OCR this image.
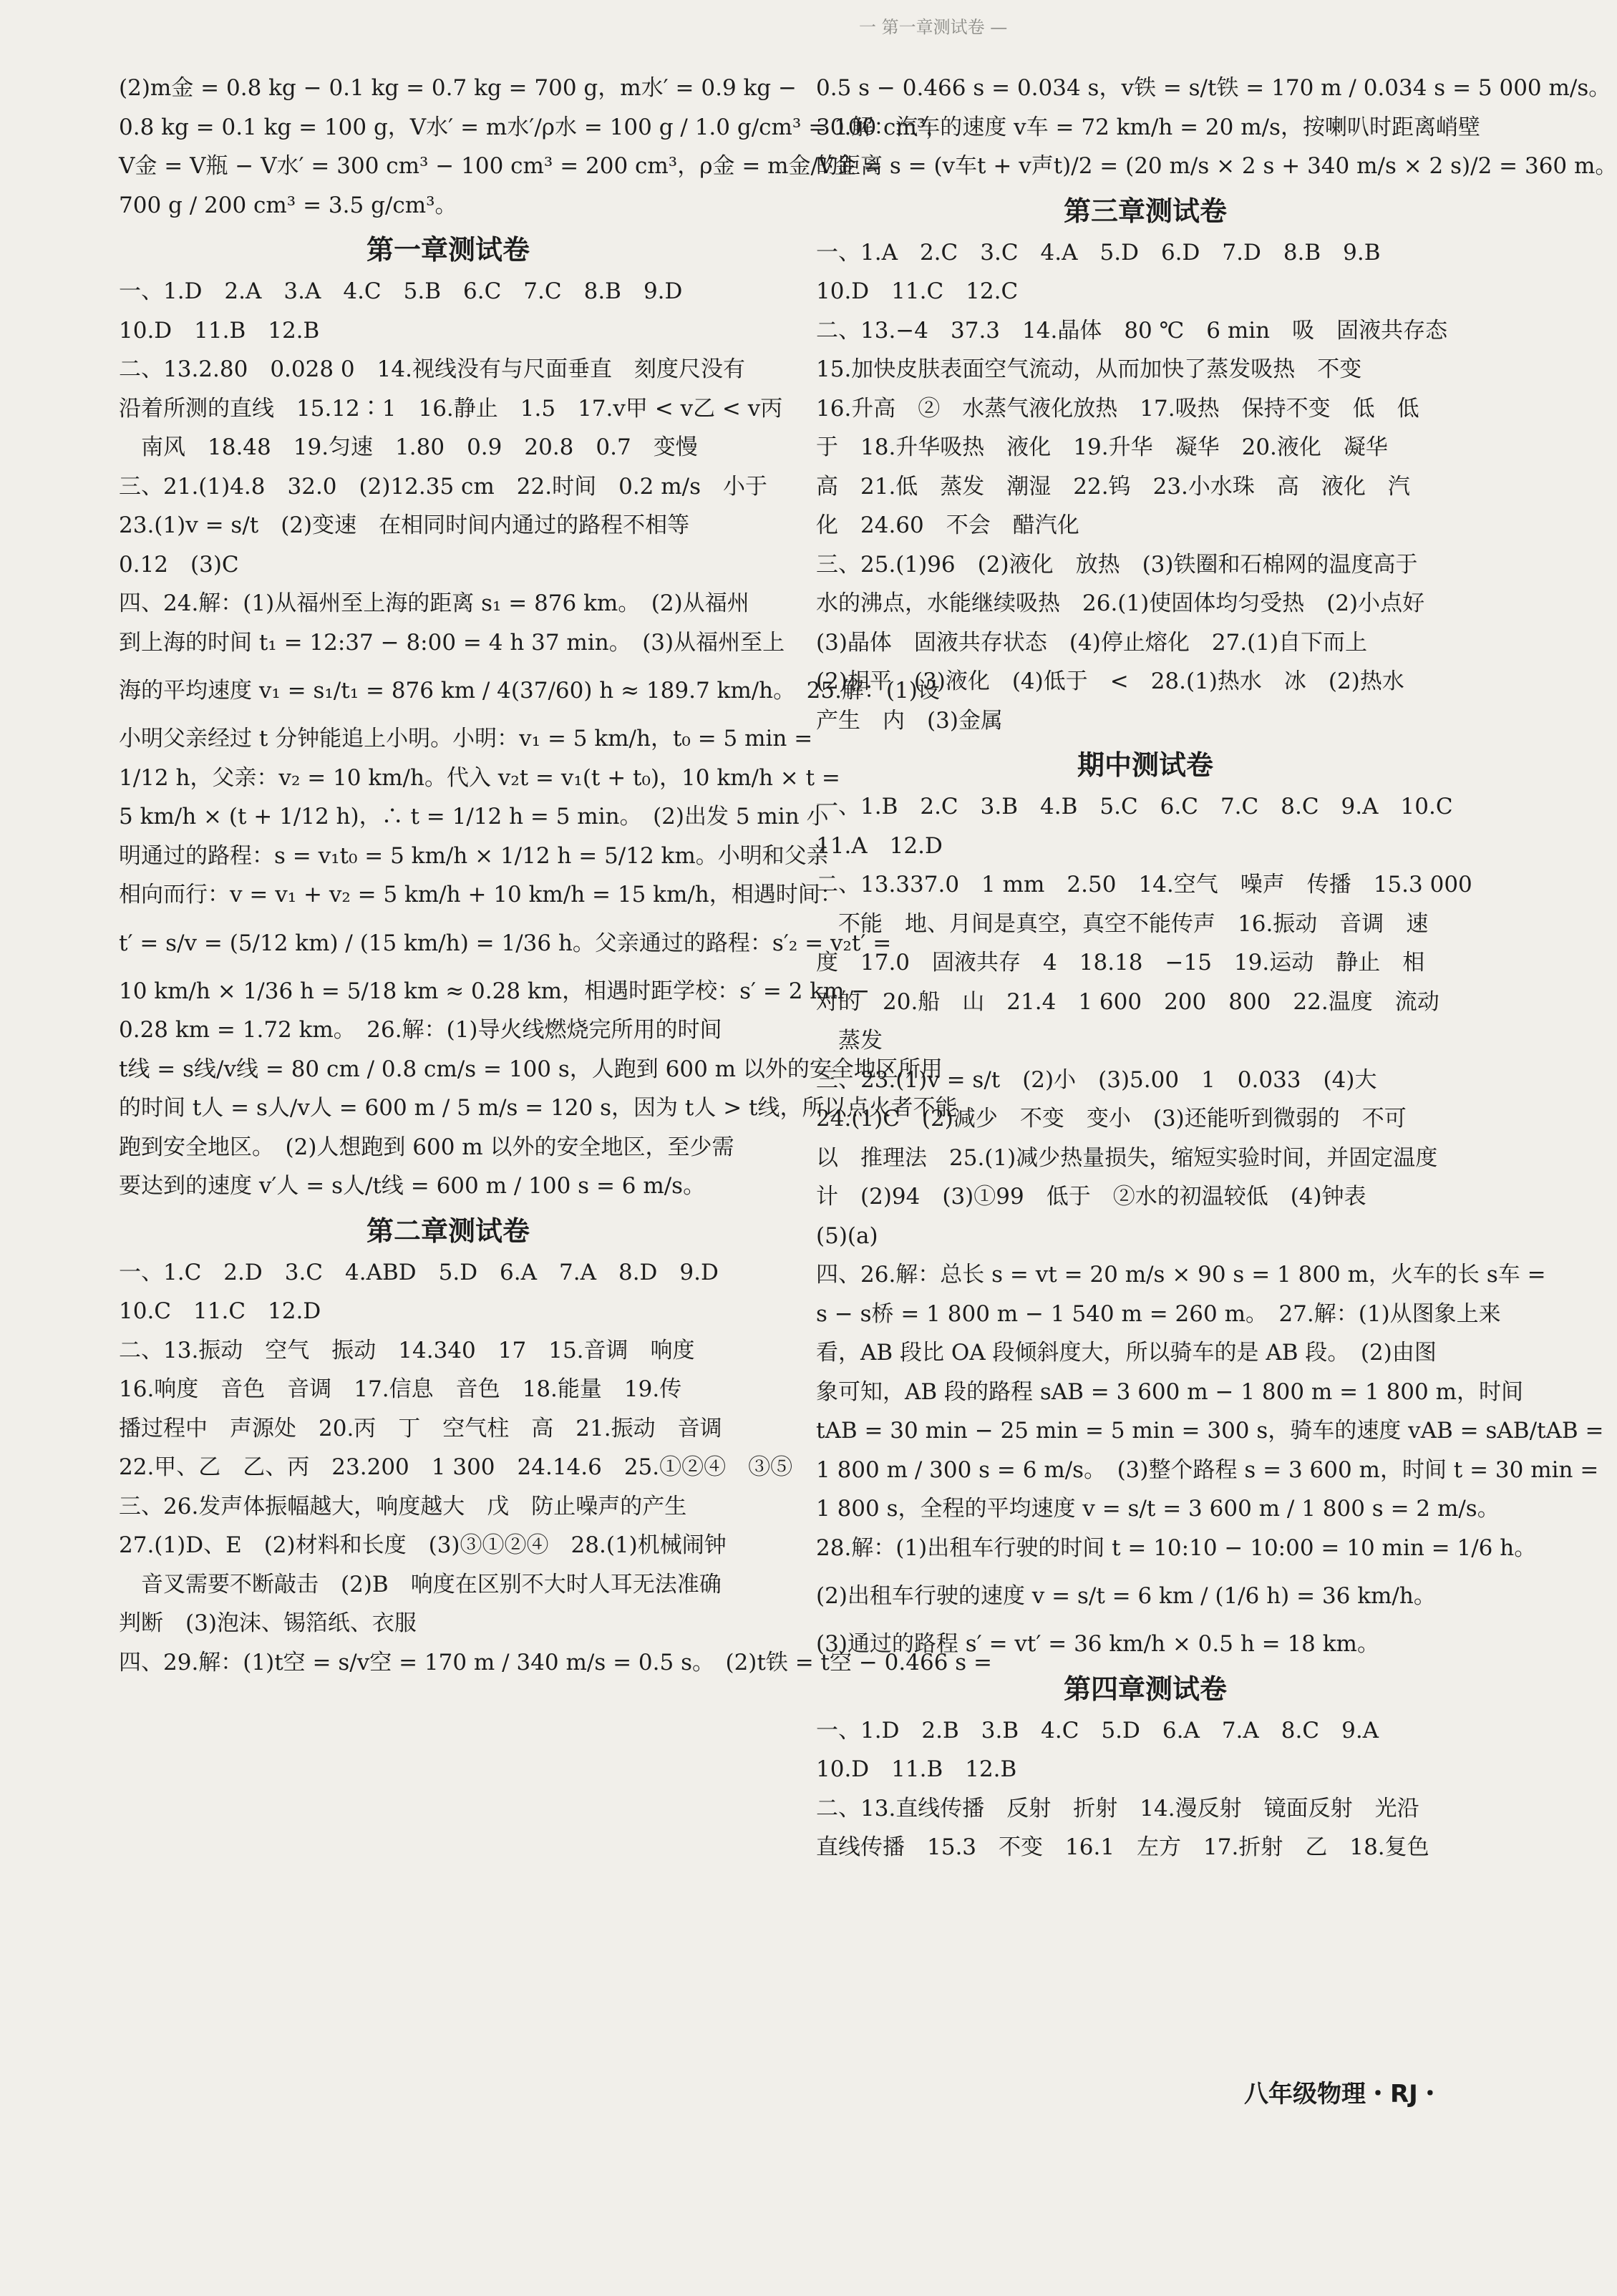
一 第一章测试卷 —
(2)m金 = 0.8 kg − 0.1 kg = 0.7 kg = 700 g，m水′ = 0.9 kg −
0.8 kg = 0.1 kg = 100 g，V水′ = m水′/ρ水 = 100 g / 1.0 g/cm³ = 100 cm³，
V金 = V瓶 − V水′ = 300 cm³ − 100 cm³ = 200 cm³，ρ金 = m金/V金 =
700 g / 200 cm³ = 3.5 g/cm³。
第一章测试卷
一、1.D　2.A　3.A　4.C　5.B　6.C　7.C　8.B　9.D
10.D　11.B　12.B
二、13.2.80　0.028 0　14.视线没有与尺面垂直　刻度尺没有
沿着所测的直线　15.12∶1　16.静止　1.5　17.v甲 < v乙 < v丙
　南风　18.48　19.匀速　1.80　0.9　20.8　0.7　变慢
三、21.(1)4.8　32.0　(2)12.35 cm　22.时间　0.2 m/s　小于
23.(1)v = s/t　(2)变速　在相同时间内通过的路程不相等
0.12　(3)C
四、24.解：(1)从福州至上海的距离 s₁ = 876 km。　(2)从福州
到上海的时间 t₁ = 12:37 − 8:00 = 4 h 37 min。　(3)从福州至上
海的平均速度 v₁ = s₁/t₁ = 876 km / 4(37/60) h ≈ 189.7 km/h。　25.解：(1)设
小明父亲经过 t 分钟能追上小明。小明：v₁ = 5 km/h，t₀ = 5 min =
1/12 h，父亲：v₂ = 10 km/h。代入 v₂t = v₁(t + t₀)，10 km/h × t =
5 km/h × (t + 1/12 h)，∴ t = 1/12 h = 5 min。　(2)出发 5 min 小
明通过的路程：s = v₁t₀ = 5 km/h × 1/12 h = 5/12 km。小明和父亲
相向而行：v = v₁ + v₂ = 5 km/h + 10 km/h = 15 km/h，相遇时间：
t′ = s/v = (5/12 km) / (15 km/h) = 1/36 h。父亲通过的路程：s′₂ = v₂t′ =
10 km/h × 1/36 h = 5/18 km ≈ 0.28 km，相遇时距学校：s′ = 2 km −
0.28 km = 1.72 km。　26.解：(1)导火线燃烧完所用的时间
t线 = s线/v线 = 80 cm / 0.8 cm/s = 100 s，人跑到 600 m 以外的安全地区所用
的时间 t人 = s人/v人 = 600 m / 5 m/s = 120 s，因为 t人 > t线，所以点火者不能
跑到安全地区。　(2)人想跑到 600 m 以外的安全地区，至少需
要达到的速度 v′人 = s人/t线 = 600 m / 100 s = 6 m/s。
第二章测试卷
一、1.C　2.D　3.C　4.ABD　5.D　6.A　7.A　8.D　9.D
10.C　11.C　12.D
二、13.振动　空气　振动　14.340　17　15.音调　响度
16.响度　音色　音调　17.信息　音色　18.能量　19.传
播过程中　声源处　20.丙　丁　空气柱　高　21.振动　音调
22.甲、乙　乙、丙　23.200　1 300　24.14.6　25.①②④　③⑤
三、26.发声体振幅越大，响度越大　戊　防止噪声的产生
27.(1)D、E　(2)材料和长度　(3)③①②④　28.(1)机械闹钟
　音叉需要不断敲击　(2)B　响度在区别不大时人耳无法准确
判断　(3)泡沫、锡箔纸、衣服
四、29.解：(1)t空 = s/v空 = 170 m / 340 m/s = 0.5 s。　(2)t铁 = t空 − 0.466 s =
0.5 s − 0.466 s = 0.034 s，v铁 = s/t铁 = 170 m / 0.034 s = 5 000 m/s。
30.解：汽车的速度 v车 = 72 km/h = 20 m/s，按喇叭时距离峭壁
的距离 s = (v车t + v声t)/2 = (20 m/s × 2 s + 340 m/s × 2 s)/2 = 360 m。
第三章测试卷
一、1.A　2.C　3.C　4.A　5.D　6.D　7.D　8.B　9.B
10.D　11.C　12.C
二、13.−4　37.3　14.晶体　80 ℃　6 min　吸　固液共存态
15.加快皮肤表面空气流动，从而加快了蒸发吸热　不变
16.升高　②　水蒸气液化放热　17.吸热　保持不变　低　低
于　18.升华吸热　液化　19.升华　凝华　20.液化　凝华
高　21.低　蒸发　潮湿　22.钨　23.小水珠　高　液化　汽
化　24.60　不会　醋汽化
三、25.(1)96　(2)液化　放热　(3)铁圈和石棉网的温度高于
水的沸点，水能继续吸热　26.(1)使固体均匀受热　(2)小点好
(3)晶体　固液共存状态　(4)停止熔化　27.(1)自下而上
(2)相平　(3)液化　(4)低于　<　28.(1)热水　冰　(2)热水
产生　内　(3)金属
期中测试卷
一、1.B　2.C　3.B　4.B　5.C　6.C　7.C　8.C　9.A　10.C
11.A　12.D
二、13.337.0　1 mm　2.50　14.空气　噪声　传播　15.3 000
　不能　地、月间是真空，真空不能传声　16.振动　音调　速
度　17.0　固液共存　4　18.18　−15　19.运动　静止　相
对的　20.船　山　21.4　1 600　200　800　22.温度　流动
　蒸发
三、23.(1)v = s/t　(2)小　(3)5.00　1　0.033　(4)大
24.(1)C　(2)减少　不变　变小　(3)还能听到微弱的　不可
以　推理法　25.(1)减少热量损失，缩短实验时间，并固定温度
计　(2)94　(3)①99　低于　②水的初温较低　(4)钟表
(5)(a)
四、26.解：总长 s = vt = 20 m/s × 90 s = 1 800 m，火车的长 s车 =
s − s桥 = 1 800 m − 1 540 m = 260 m。　27.解：(1)从图象上来
看，AB 段比 OA 段倾斜度大，所以骑车的是 AB 段。　(2)由图
象可知，AB 段的路程 sAB = 3 600 m − 1 800 m = 1 800 m，时间
tAB = 30 min − 25 min = 5 min = 300 s，骑车的速度 vAB = sAB/tAB =
1 800 m / 300 s = 6 m/s。　(3)整个路程 s = 3 600 m，时间 t = 30 min =
1 800 s，全程的平均速度 v = s/t = 3 600 m / 1 800 s = 2 m/s。
28.解：(1)出租车行驶的时间 t = 10:10 − 10:00 = 10 min = 1/6 h。
(2)出租车行驶的速度 v = s/t = 6 km / (1/6 h) = 36 km/h。
(3)通过的路程 s′ = vt′ = 36 km/h × 0.5 h = 18 km。
第四章测试卷
一、1.D　2.B　3.B　4.C　5.D　6.A　7.A　8.C　9.A
10.D　11.B　12.B
二、13.直线传播　反射　折射　14.漫反射　镜面反射　光沿
直线传播　15.3　不变　16.1　左方　17.折射　乙　18.复色
八年级物理・RJ・
